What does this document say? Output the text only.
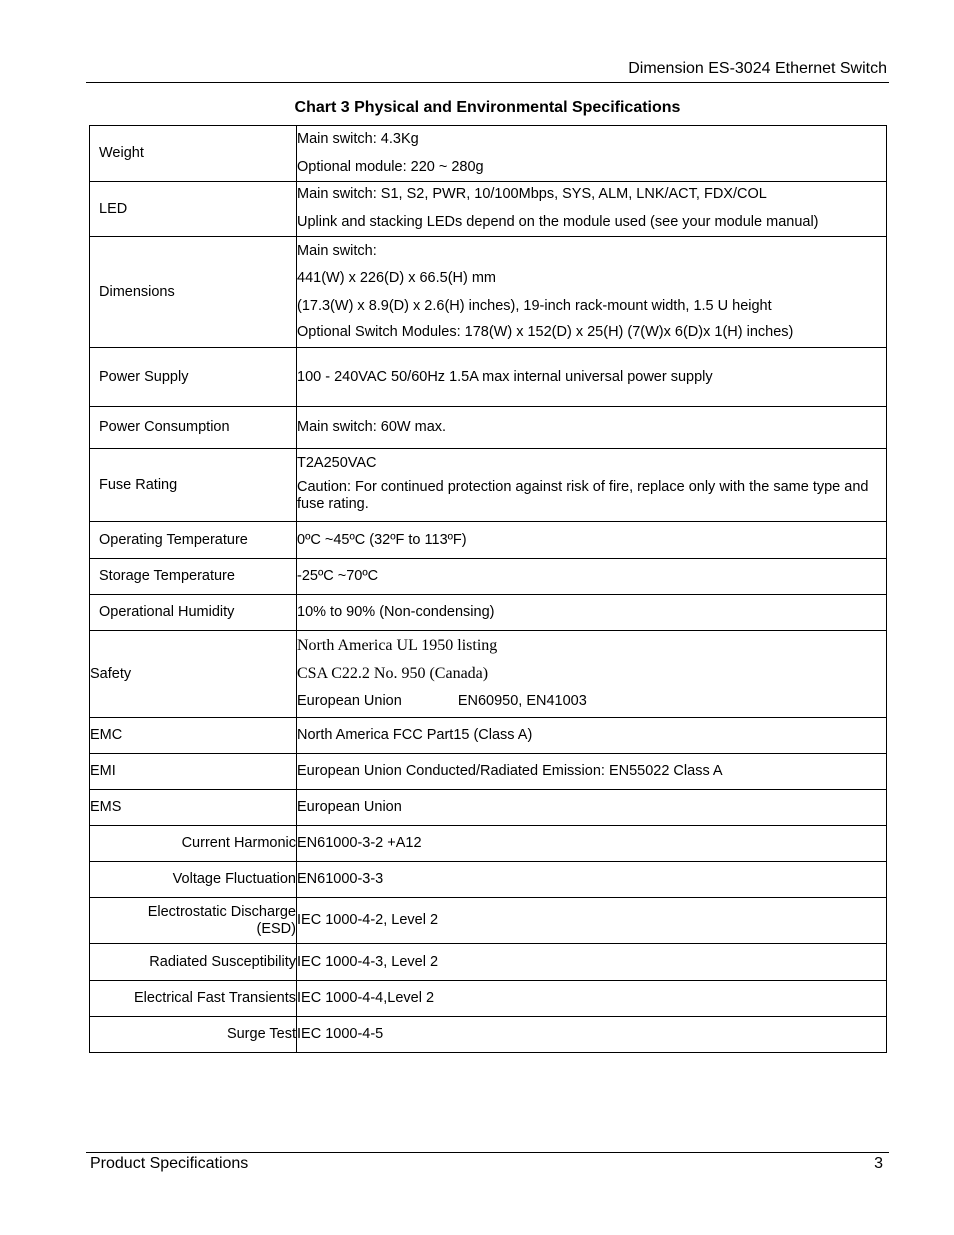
Dimension ES-3024 Ethernet Switch
Chart 3 Physical and Environmental Specifications
Weight	Main switch: 4.3Kg
Optional module: 220 ~ 280g

LED	Main switch: S1, S2, PWR, 10/100Mbps, SYS, ALM, LNK/ACT, FDX/COL
Uplink and stacking LEDs depend on the module used (see your module manual)

Dimensions	Main switch:
441(W) x 226(D) x 66.5(H) mm
(17.3(W) x 8.9(D) x 2.6(H) inches), 19-inch rack-mount width, 1.5 U height
Optional Switch Modules: 178(W) x 152(D) x 25(H) (7(W)x 6(D)x 1(H) inches)

Power Supply	100 - 240VAC 50/60Hz 1.5A max internal universal power supply
Power Consumption	Main switch: 60W max.
Fuse Rating	T2A250VAC
Caution: For continued protection against risk of fire, replace only with the same type and fuse rating.

Operating Temperature	0ºC ~45ºC (32ºF to 113ºF)
Storage Temperature	-25ºC ~70ºC
Operational Humidity	10% to 90% (Non-condensing)
Safety	North America UL 1950 listing
CSA C22.2 No. 950 (Canada)
European Union EN60950, EN41003

EMC	North America FCC Part15 (Class A)
EMI	European Union Conducted/Radiated Emission: EN55022 Class A
EMS	European Union
Current Harmonic	EN61000-3-2 +A12
Voltage Fluctuation	EN61000-3-3

Electrostatic Discharge
(ESD)	IEC 1000-4-2, Level 2
Radiated Susceptibility	IEC 1000-4-3, Level 2
Electrical Fast Transients	IEC 1000-4-4,Level 2
Surge Test	IEC 1000-4-5
Product Specifications	3
